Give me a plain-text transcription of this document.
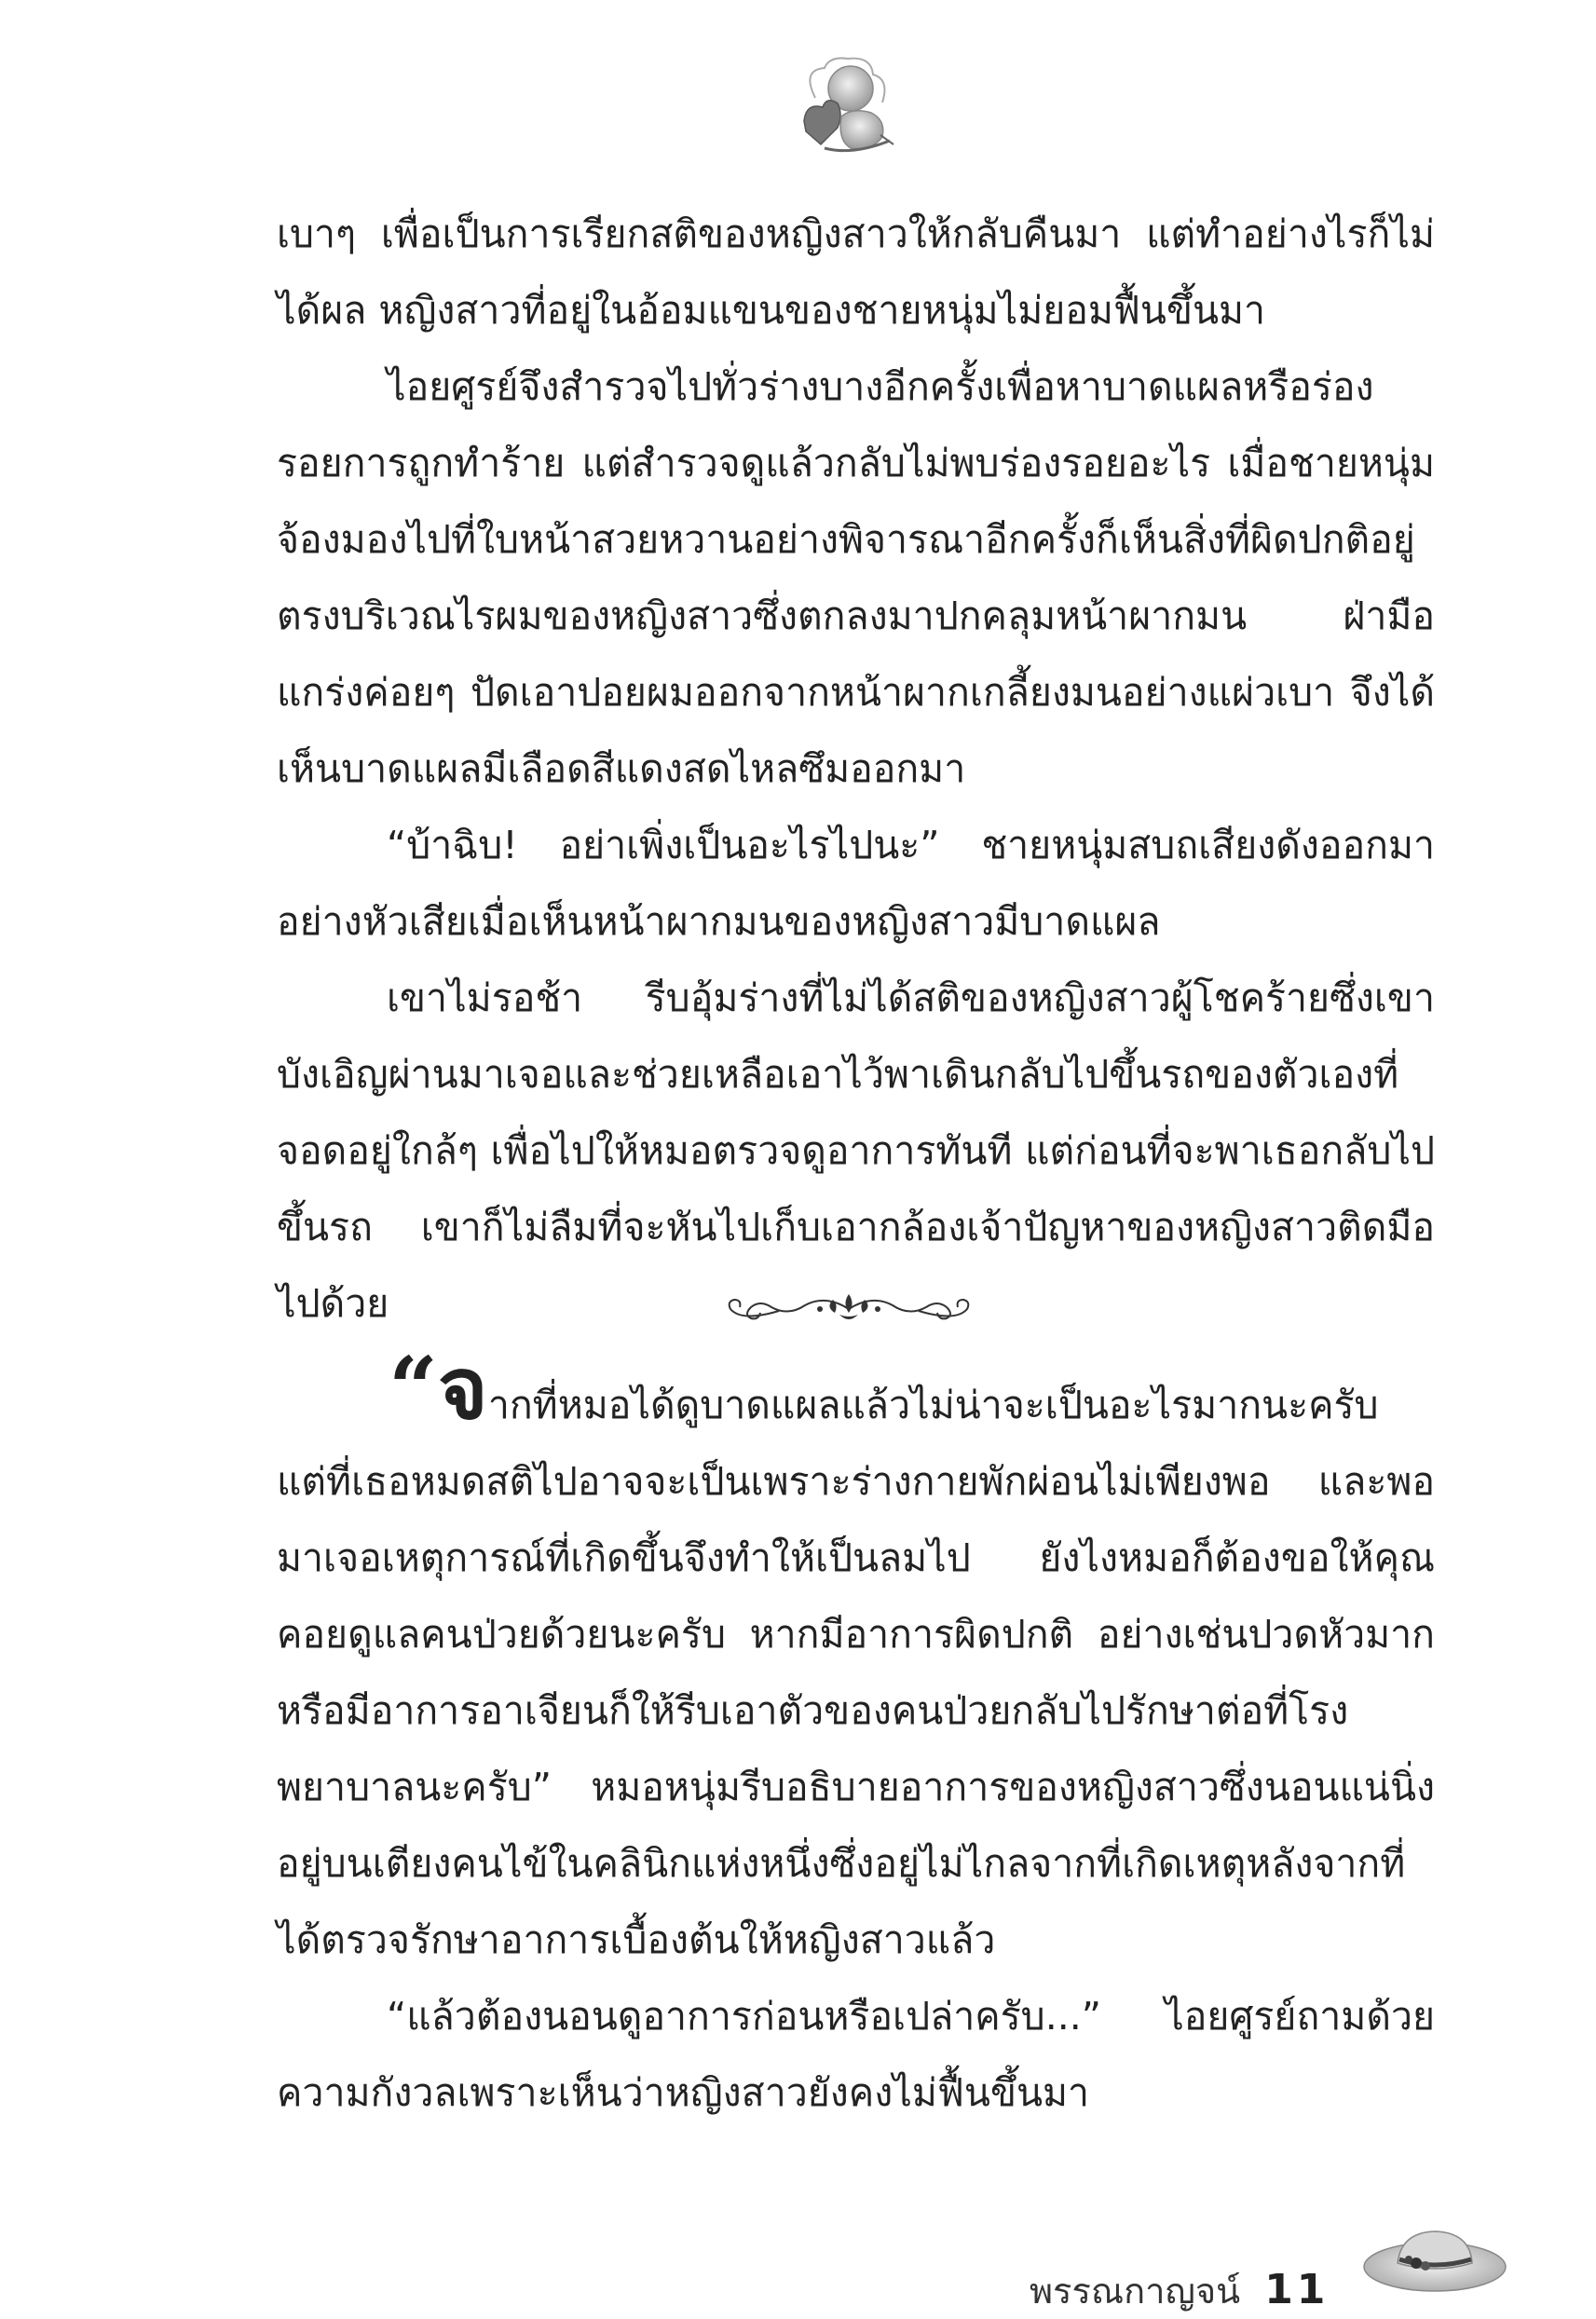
เบาๆ เพื่อเป็นการเรียกสติของหญิงสาวให้กลับคืนมา แต่ทำอย่างไรก็ไม่ได้ผล หญิงสาวที่อยู่ในอ้อมแขนของชายหนุ่มไม่ยอมฟื้นขึ้นมา

ไอยศูรย์จึงสำรวจไปทั่วร่างบางอีกครั้งเพื่อหาบาดแผลหรือร่องรอยการถูกทำร้าย แต่สำรวจดูแล้วกลับไม่พบร่องรอยอะไร เมื่อชายหนุ่มจ้องมองไปที่ใบหน้าสวยหวานอย่างพิจารณาอีกครั้งก็เห็นสิ่งที่ผิดปกติอยู่ตรงบริเวณไรผมของหญิงสาวซึ่งตกลงมาปกคลุมหน้าผากมน ฝ่ามือแกร่งค่อยๆ ปัดเอาปอยผมออกจากหน้าผากเกลี้ยงมนอย่างแผ่วเบา จึงได้เห็นบาดแผลมีเลือดสีแดงสดไหลซึมออกมา

“บ้าฉิบ! อย่าเพิ่งเป็นอะไรไปนะ” ชายหนุ่มสบถเสียงดังออกมาอย่างหัวเสียเมื่อเห็นหน้าผากมนของหญิงสาวมีบาดแผล

เขาไม่รอช้า รีบอุ้มร่างที่ไม่ได้สติของหญิงสาวผู้โชคร้ายซึ่งเขาบังเอิญผ่านมาเจอและช่วยเหลือเอาไว้พาเดินกลับไปขึ้นรถของตัวเองที่จอดอยู่ใกล้ๆ เพื่อไปให้หมอตรวจดูอาการทันที แต่ก่อนที่จะพาเธอกลับไปขึ้นรถ เขาก็ไม่ลืมที่จะหันไปเก็บเอากล้องเจ้าปัญหาของหญิงสาวติดมือไปด้วย

“จากที่หมอได้ดูบาดแผลแล้วไม่น่าจะเป็นอะไรมากนะครับ แต่ที่เธอหมดสติไปอาจจะเป็นเพราะร่างกายพักผ่อนไม่เพียงพอ และพอมาเจอเหตุการณ์ที่เกิดขึ้นจึงทำให้เป็นลมไป ยังไงหมอก็ต้องขอให้คุณคอยดูแลคนป่วยด้วยนะครับ หากมีอาการผิดปกติ อย่างเช่นปวดหัวมากหรือมีอาการอาเจียนก็ให้รีบเอาตัวของคนป่วยกลับไปรักษาต่อที่โรงพยาบาลนะครับ” หมอหนุ่มรีบอธิบายอาการของหญิงสาวซึ่งนอนแน่นิ่งอยู่บนเตียงคนไข้ในคลินิกแห่งหนึ่งซึ่งอยู่ไม่ไกลจากที่เกิดเหตุหลังจากที่ได้ตรวจรักษาอาการเบื้องต้นให้หญิงสาวแล้ว

“แล้วต้องนอนดูอาการก่อนหรือเปล่าครับ...” ไอยศูรย์ถามด้วยความกังวลเพราะเห็นว่าหญิงสาวยังคงไม่ฟื้นขึ้นมา

พรรณกาญจน์ 11
